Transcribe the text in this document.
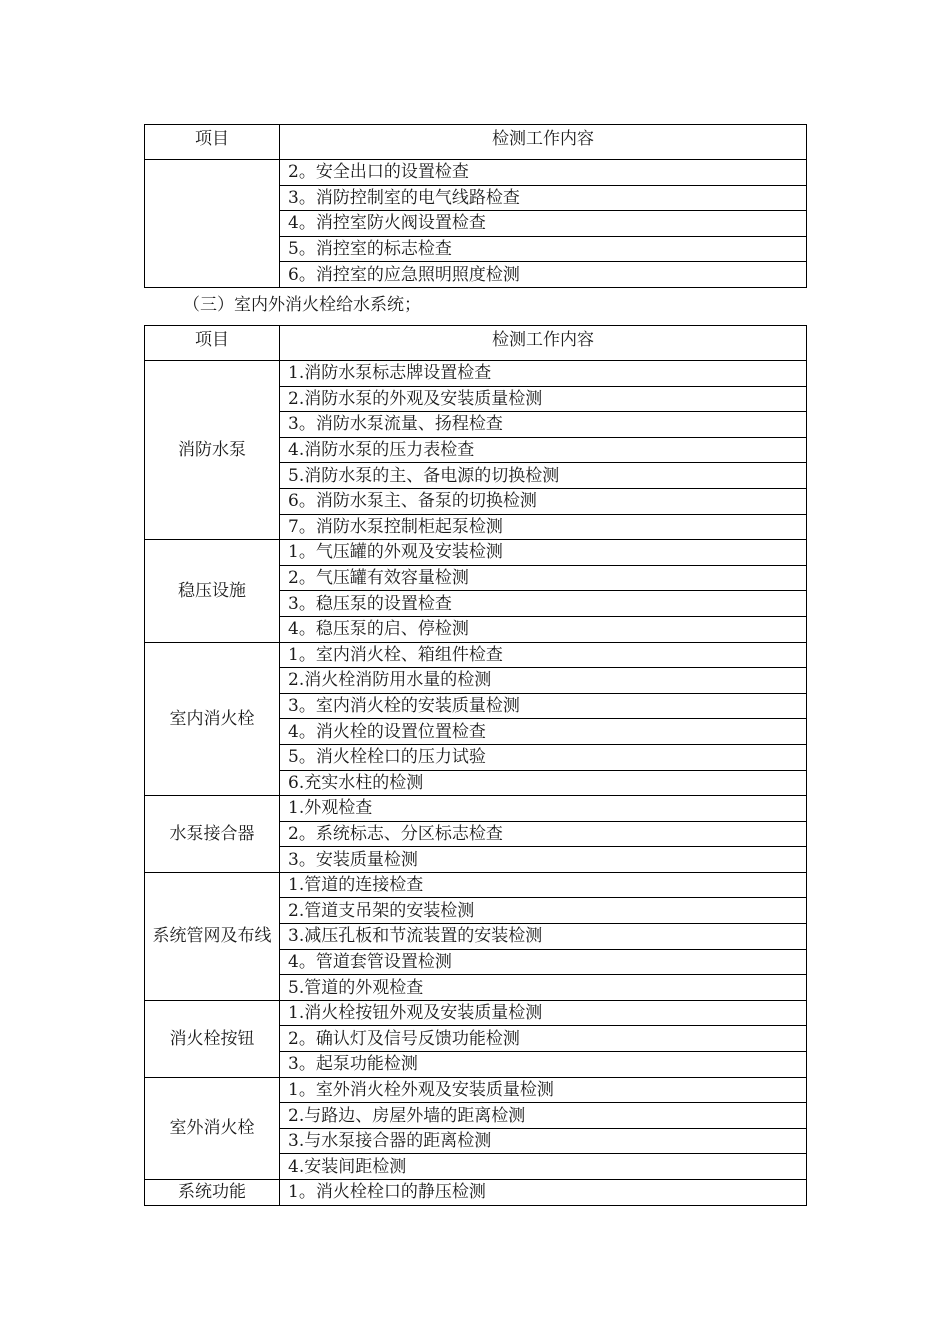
项目	检测工作内容
	2。安全出口的设置检查
	3。消防控制室的电气线路检查
	4。消控室防火阀设置检查
	5。消控室的标志检查
	6。消控室的应急照明照度检测
（三）室内外消火栓给水系统；
项目	检测工作内容
消防水泵	1.消防水泵标志牌设置检查
	2.消防水泵的外观及安装质量检测
	3。消防水泵流量、扬程检查
	4.消防水泵的压力表检查
	5.消防水泵的主、备电源的切换检测
	6。消防水泵主、备泵的切换检测
	7。消防水泵控制柜起泵检测
稳压设施	1。气压罐的外观及安装检测
	2。气压罐有效容量检测
	3。稳压泵的设置检查
	4。稳压泵的启、停检测
室内消火栓	1。室内消火栓、箱组件检查
	2.消火栓消防用水量的检测
	3。室内消火栓的安装质量检测
	4。消火栓的设置位置检查
	5。消火栓栓口的压力试验
	6.充实水柱的检测
水泵接合器	1.外观检查
	2。系统标志、分区标志检查
	3。安装质量检测
系统管网及布线	1.管道的连接检查
	2.管道支吊架的安装检测
	3.减压孔板和节流装置的安装检测
	4。管道套管设置检测
	5.管道的外观检查
消火栓按钮	1.消火栓按钮外观及安装质量检测
	2。确认灯及信号反馈功能检测
	3。起泵功能检测
室外消火栓	1。室外消火栓外观及安装质量检测
	2.与路边、房屋外墙的距离检测
	3.与水泵接合器的距离检测
	4.安装间距检测
系统功能	1。消火栓栓口的静压检测
